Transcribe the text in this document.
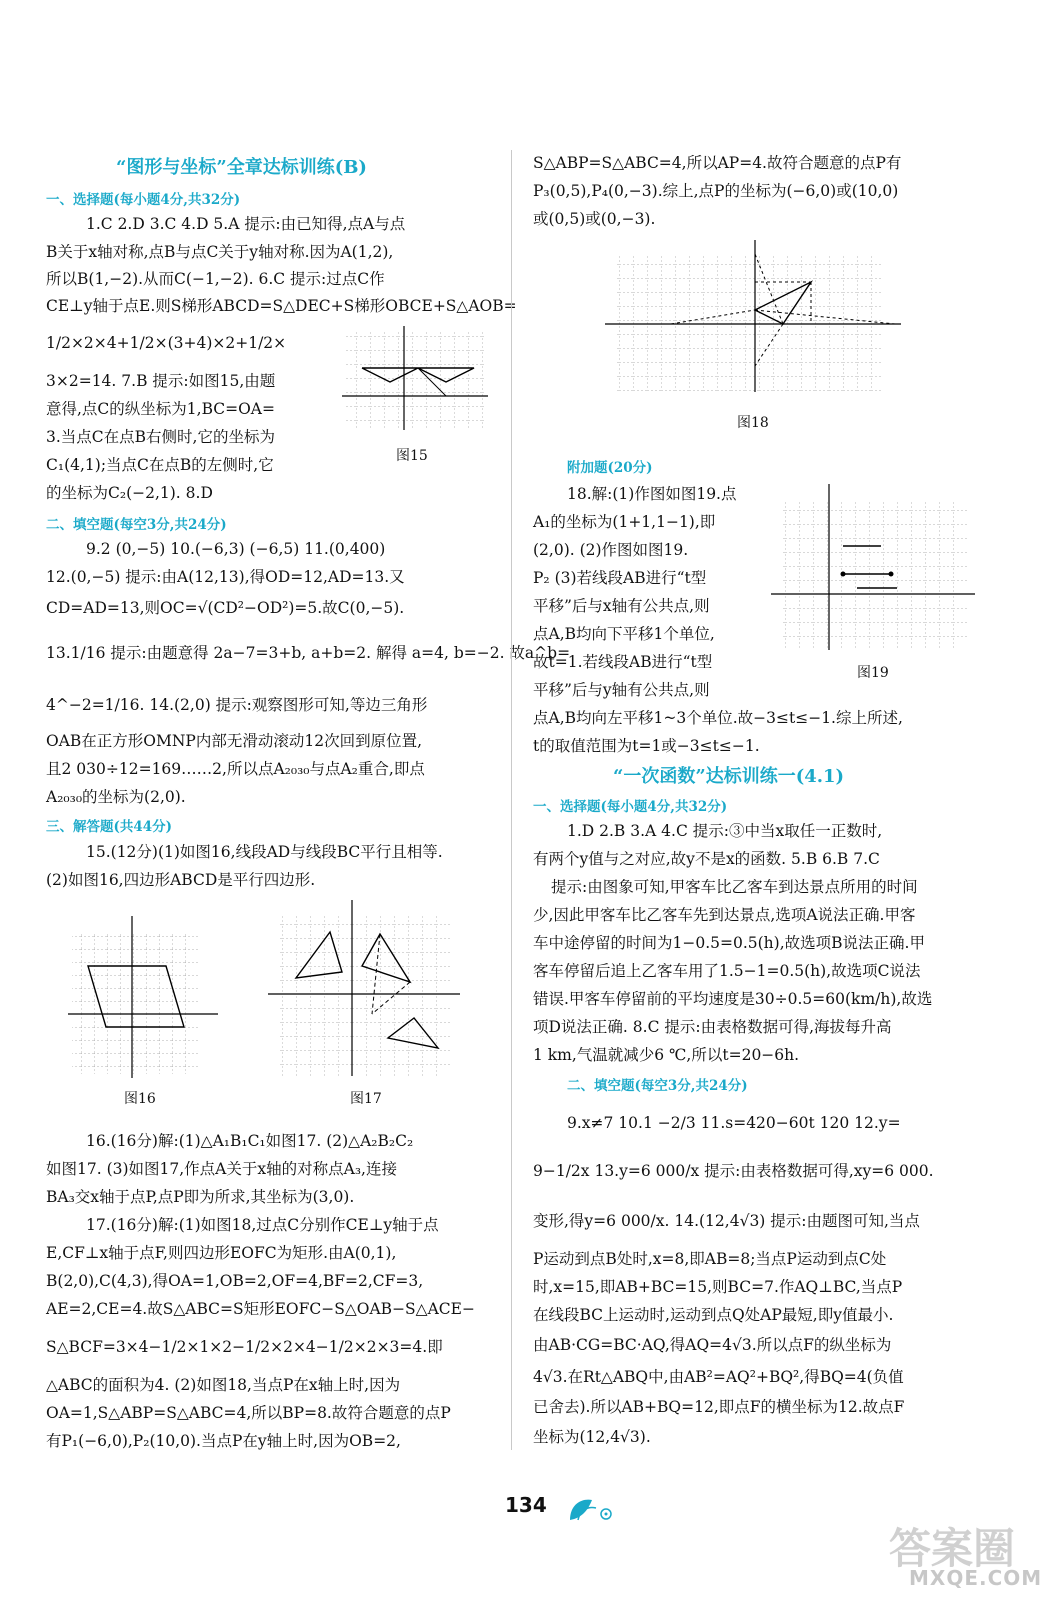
“图形与坐标”全章达标训练(B)
一、选择题(每小题4分,共32分)
1.C 2.D 3.C 4.D 5.A 提示:由已知得,点A与点
B关于x轴对称,点B与点C关于y轴对称.因为A(1,2),
所以B(1,−2).从而C(−1,−2). 6.C 提示:过点C作
CE⊥y轴于点E.则S梯形ABCD=S△DEC+S梯形OBCE+S△AOB=
1/2×2×4+1/2×(3+4)×2+1/2×
3×2=14. 7.B 提示:如图15,由题
意得,点C的纵坐标为1,BC=OA=
3.当点C在点B右侧时,它的坐标为
C₁(4,1);当点C在点B的左侧时,它
的坐标为C₂(−2,1). 8.D
图15
二、填空题(每空3分,共24分)
9.2 (0,−5) 10.(−6,3) (−6,5) 11.(0,400)
12.(0,−5) 提示:由A(12,13),得OD=12,AD=13.又
CD=AD=13,则OC=√(CD²−OD²)=5.故C(0,−5).
13.1/16 提示:由题意得 2a−7=3+b, a+b=2. 解得 a=4, b=−2. 故a^b=
4^−2=1/16. 14.(2,0) 提示:观察图形可知,等边三角形
OAB在正方形OMNP内部无滑动滚动12次回到原位置,
且2 030÷12=169……2,所以点A₂₀₃₀与点A₂重合,即点
A₂₀₃₀的坐标为(2,0).
三、解答题(共44分)
15.(12分)(1)如图16,线段AD与线段BC平行且相等.
(2)如图16,四边形ABCD是平行四边形.
图16	图17
16.(16分)解:(1)△A₁B₁C₁如图17. (2)△A₂B₂C₂
如图17. (3)如图17,作点A关于x轴的对称点A₃,连接
BA₃交x轴于点P,点P即为所求,其坐标为(3,0).
17.(16分)解:(1)如图18,过点C分别作CE⊥y轴于点
E,CF⊥x轴于点F,则四边形EOFC为矩形.由A(0,1),
B(2,0),C(4,3),得OA=1,OB=2,OF=4,BF=2,CF=3,
AE=2,CE=4.故S△ABC=S矩形EOFC−S△OAB−S△ACE−
S△BCF=3×4−1/2×1×2−1/2×2×4−1/2×2×3=4.即
△ABC的面积为4. (2)如图18,当点P在x轴上时,因为
OA=1,S△ABP=S△ABC=4,所以BP=8.故符合题意的点P
有P₁(−6,0),P₂(10,0).当点P在y轴上时,因为OB=2,
S△ABP=S△ABC=4,所以AP=4.故符合题意的点P有
P₃(0,5),P₄(0,−3).综上,点P的坐标为(−6,0)或(10,0)
或(0,5)或(0,−3).
图18
附加题(20分)
18.解:(1)作图如图19.点
A₁的坐标为(1+1,1−1),即
(2,0). (2)作图如图19.
P₂ (3)若线段AB进行“t型
平移”后与x轴有公共点,则
点A,B均向下平移1个单位,
故t=1.若线段AB进行“t型
平移”后与y轴有公共点,则
点A,B均向左平移1~3个单位.故−3≤t≤−1.综上所述,
t的取值范围为t=1或−3≤t≤−1.
图19
“一次函数”达标训练一(4.1)
一、选择题(每小题4分,共32分)
1.D 2.B 3.A 4.C 提示:③中当x取任一正数时,
有两个y值与之对应,故y不是x的函数. 5.B 6.B 7.C
提示:由图象可知,甲客车比乙客车到达景点所用的时间
少,因此甲客车比乙客车先到达景点,选项A说法正确.甲客
车中途停留的时间为1−0.5=0.5(h),故选项B说法正确.甲
客车停留后追上乙客车用了1.5−1=0.5(h),故选项C说法
错误.甲客车停留前的平均速度是30÷0.5=60(km/h),故选
项D说法正确. 8.C 提示:由表格数据可得,海拔每升高
1 km,气温就减少6 ℃,所以t=20−6h.
二、填空题(每空3分,共24分)
9.x≠7 10.1 −2/3 11.s=420−60t 120 12.y=
9−1/2x 13.y=6 000/x 提示:由表格数据可得,xy=6 000.
变形,得y=6 000/x. 14.(12,4√3) 提示:由题图可知,当点
P运动到点B处时,x=8,即AB=8;当点P运动到点C处
时,x=15,即AB+BC=15,则BC=7.作AQ⊥BC,当点P
在线段BC上运动时,运动到点Q处AP最短,即y值最小.
由AB·CG=BC·AQ,得AQ=4√3.所以点F的纵坐标为
4√3.在Rt△ABQ中,由AB²=AQ²+BQ²,得BQ=4(负值
已舍去).所以AB+BQ=12,即点F的横坐标为12.故点F
坐标为(12,4√3).
134
答案圈
MXQE.COM
